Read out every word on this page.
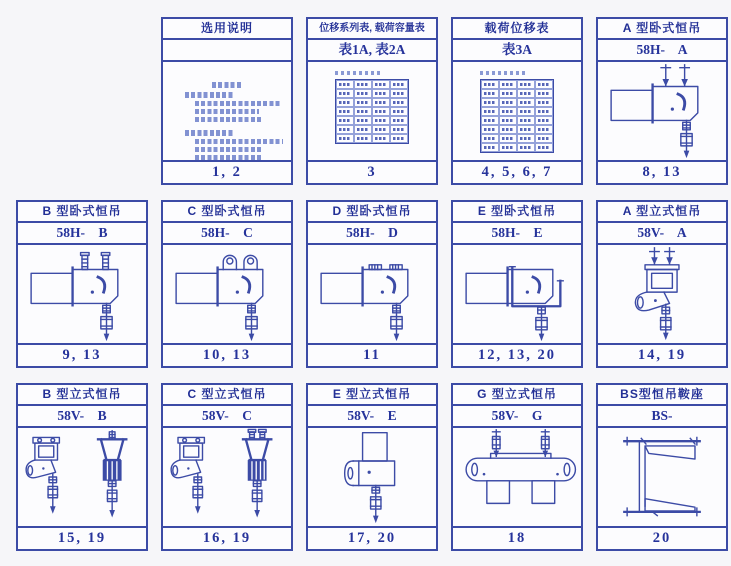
选用说明
1, 2
位移系列表, 载荷容量表
表1A, 表2A
3
载荷位移表
表3A
4, 5, 6, 7
A 型卧式恒吊
58H-    A
8, 13
B 型卧式恒吊
58H-    B
9, 13
C 型卧式恒吊
58H-    C
10, 13
D 型卧式恒吊
58H-    D
11
E 型卧式恒吊
58H-    E
12, 13, 20
A 型立式恒吊
58V-    A
14, 19
B 型立式恒吊
58V-    B
15, 19
C 型立式恒吊
58V-    C
16, 19
E 型立式恒吊
58V-    E
17, 20
G 型立式恒吊
58V-    G
18
BS型恒吊鞍座
BS-
20
